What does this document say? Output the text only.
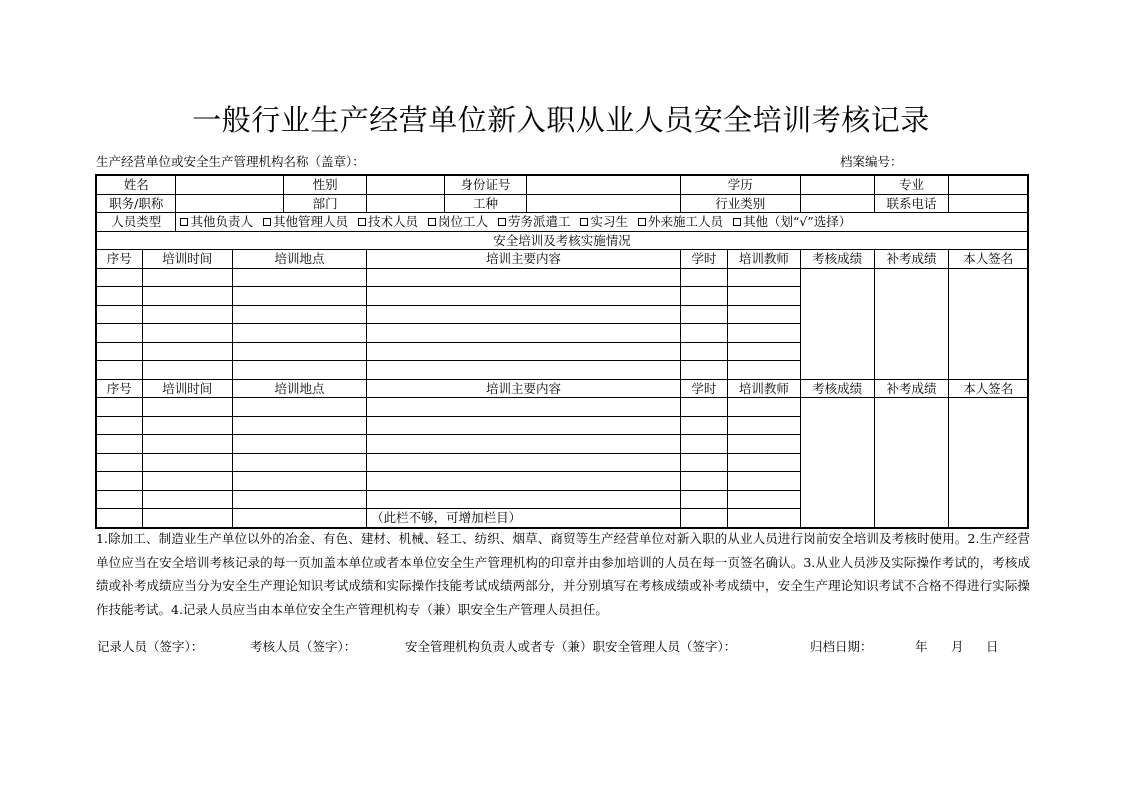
一般行业生产经营单位新入职从业人员安全培训考核记录
生产经营单位或安全生产管理机构名称（盖章）：	档案编号：
姓名				性别		身份证号		学历			专业	
职务/职称				部门		工种		行业类别			联系电话	
人员类型		其他负责人 其他管理人员 技术人员 岗位工人 劳务派遣工 实习生 外来施工人员 其他（划“√”选择）										
安全培训及考核实施情况												
序号	培训时间		培训地点		培训主要内容			学时	培训教师	考核成绩	补考成绩	本人签名

序号	培训时间		培训地点		培训主要内容			学时	培训教师	考核成绩	补考成绩	本人签名

					（此栏不够，可增加栏目）							
1.除加工、制造业生产单位以外的冶金、有色、建材、机械、轻工、纺织、烟草、商贸等生产经营单位对新入职的从业人员进行岗前安全培训及考核时使用。2.生产经营单位应当在安全培训考核记录的每一页加盖本单位或者本单位安全生产管理机构的印章并由参加培训的人员在每一页签名确认。3.从业人员涉及实际操作考试的，考核成绩或补考成绩应当分为安全生产理论知识考试成绩和实际操作技能考试成绩两部分，并分别填写在考核成绩或补考成绩中，安全生产理论知识考试不合格不得进行实际操作技能考试。4.记录人员应当由本单位安全生产管理机构专（兼）职安全生产管理人员担任。
记录人员（签字）：	考核人员（签字）：	安全管理机构负责人或者专（兼）职安全管理人员（签字）：	归档日期：	年 月 日
